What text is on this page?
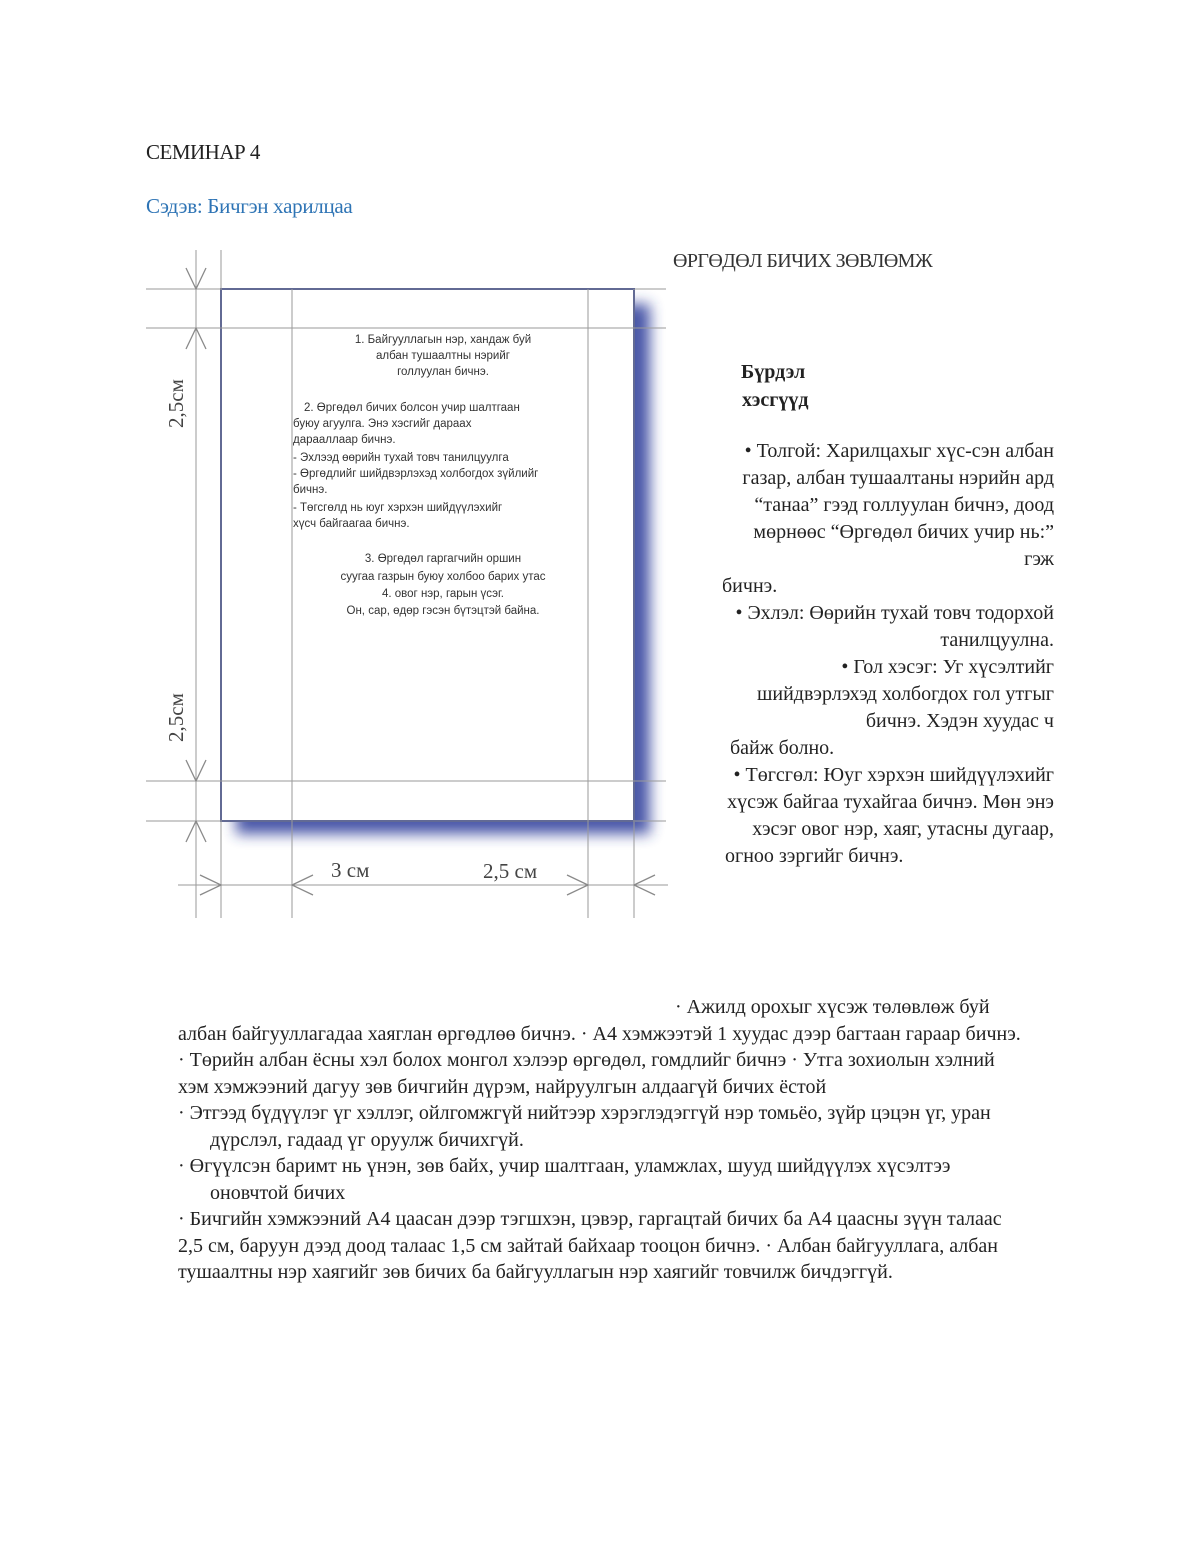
СЕМИНАР 4
Сэдэв: Бичгэн харилцаа
2,5см
2,5см
3 см	2,5 см
1. Байгууллагын нэр, хандаж буй
албан тушаалтны нэрийг
голлуулан бичнэ.
2. Өргөдөл бичих болсон учир шалтгаан
буюу агуулга. Энэ хэсгийг дараах
дарааллаар бичнэ.
- Эхлээд өөрийн тухай товч танилцуулга
- Өргөдлийг шийдвэрлэхэд холбогдох зүйлийг
бичнэ.
- Төгсгөлд нь юуг хэрхэн шийдүүлэхийг
хүсч байгаагаа бичнэ.
3. Өргөдөл гаргагчийн оршин
суугаа газрын буюу холбоо барих утас
4. овог нэр, гарын үсэг.
Он, сар, өдөр гэсэн бүтэцтэй байна.
ӨРГӨДӨЛ БИЧИХ ЗӨВЛӨМЖ
Бүрдэл
хэсгүүд

• Толгой: Харилцахыг хүс-сэн албан газар, албан тушаалтаны нэрийн ард “танаа” гээд голлуулан бичнэ, доод мөрнөөс “Өргөдөл бичих учир нь:” гэж

бичнэ.

• Эхлэл: Өөрийн тухай товч тодорхой танилцуулна.

• Гол хэсэг: Уг хүсэлтийг шийдвэрлэхэд холбогдох гол утгыг бичнэ. Хэдэн хуудас ч

байж болно.

• Төгсгөл: Юуг хэрхэн шийдүүлэхийг хүсэж байгаа тухайгаа бичнэ. Мөн энэ хэсэг овог нэр, хаяг, утасны дугаар,

огноо зэргийг бичнэ.

· Ажилд орохыг хүсэж төлөвлөж буй албан байгууллагадаа хаяглан өргөдлөө бичнэ. · А4 хэмжээтэй 1 хуудас дээр багтаан гараар бичнэ.

· Төрийн албан ёсны хэл болох монгол хэлээр өргөдөл, гомдлийг бичнэ · Утга зохиолын хэлний хэм хэмжээний дагуу зөв бичгийн дүрэм, найруулгын алдаагүй бичих ёстой

· Этгээд бүдүүлэг үг хэллэг, ойлгомжгүй нийтээр хэрэглэдэггүй нэр томьёо, зүйр цэцэн үг, уран дүрслэл, гадаад үг оруулж бичихгүй.

· Өгүүлсэн баримт нь үнэн, зөв байх, учир шалтгаан, уламжлах, шууд шийдүүлэх хүсэлтээ оновчтой бичих

· Бичгийн хэмжээний А4 цаасан дээр тэгшхэн, цэвэр, гаргацтай бичих ба А4 цаасны зүүн талаас 2,5 см, баруун дээд доод талаас 1,5 см зайтай байхаар тооцон бичнэ. · Албан байгууллага, албан тушаалтны нэр хаягийг зөв бичих ба байгууллагын нэр хаягийг товчилж бичдэггүй.
